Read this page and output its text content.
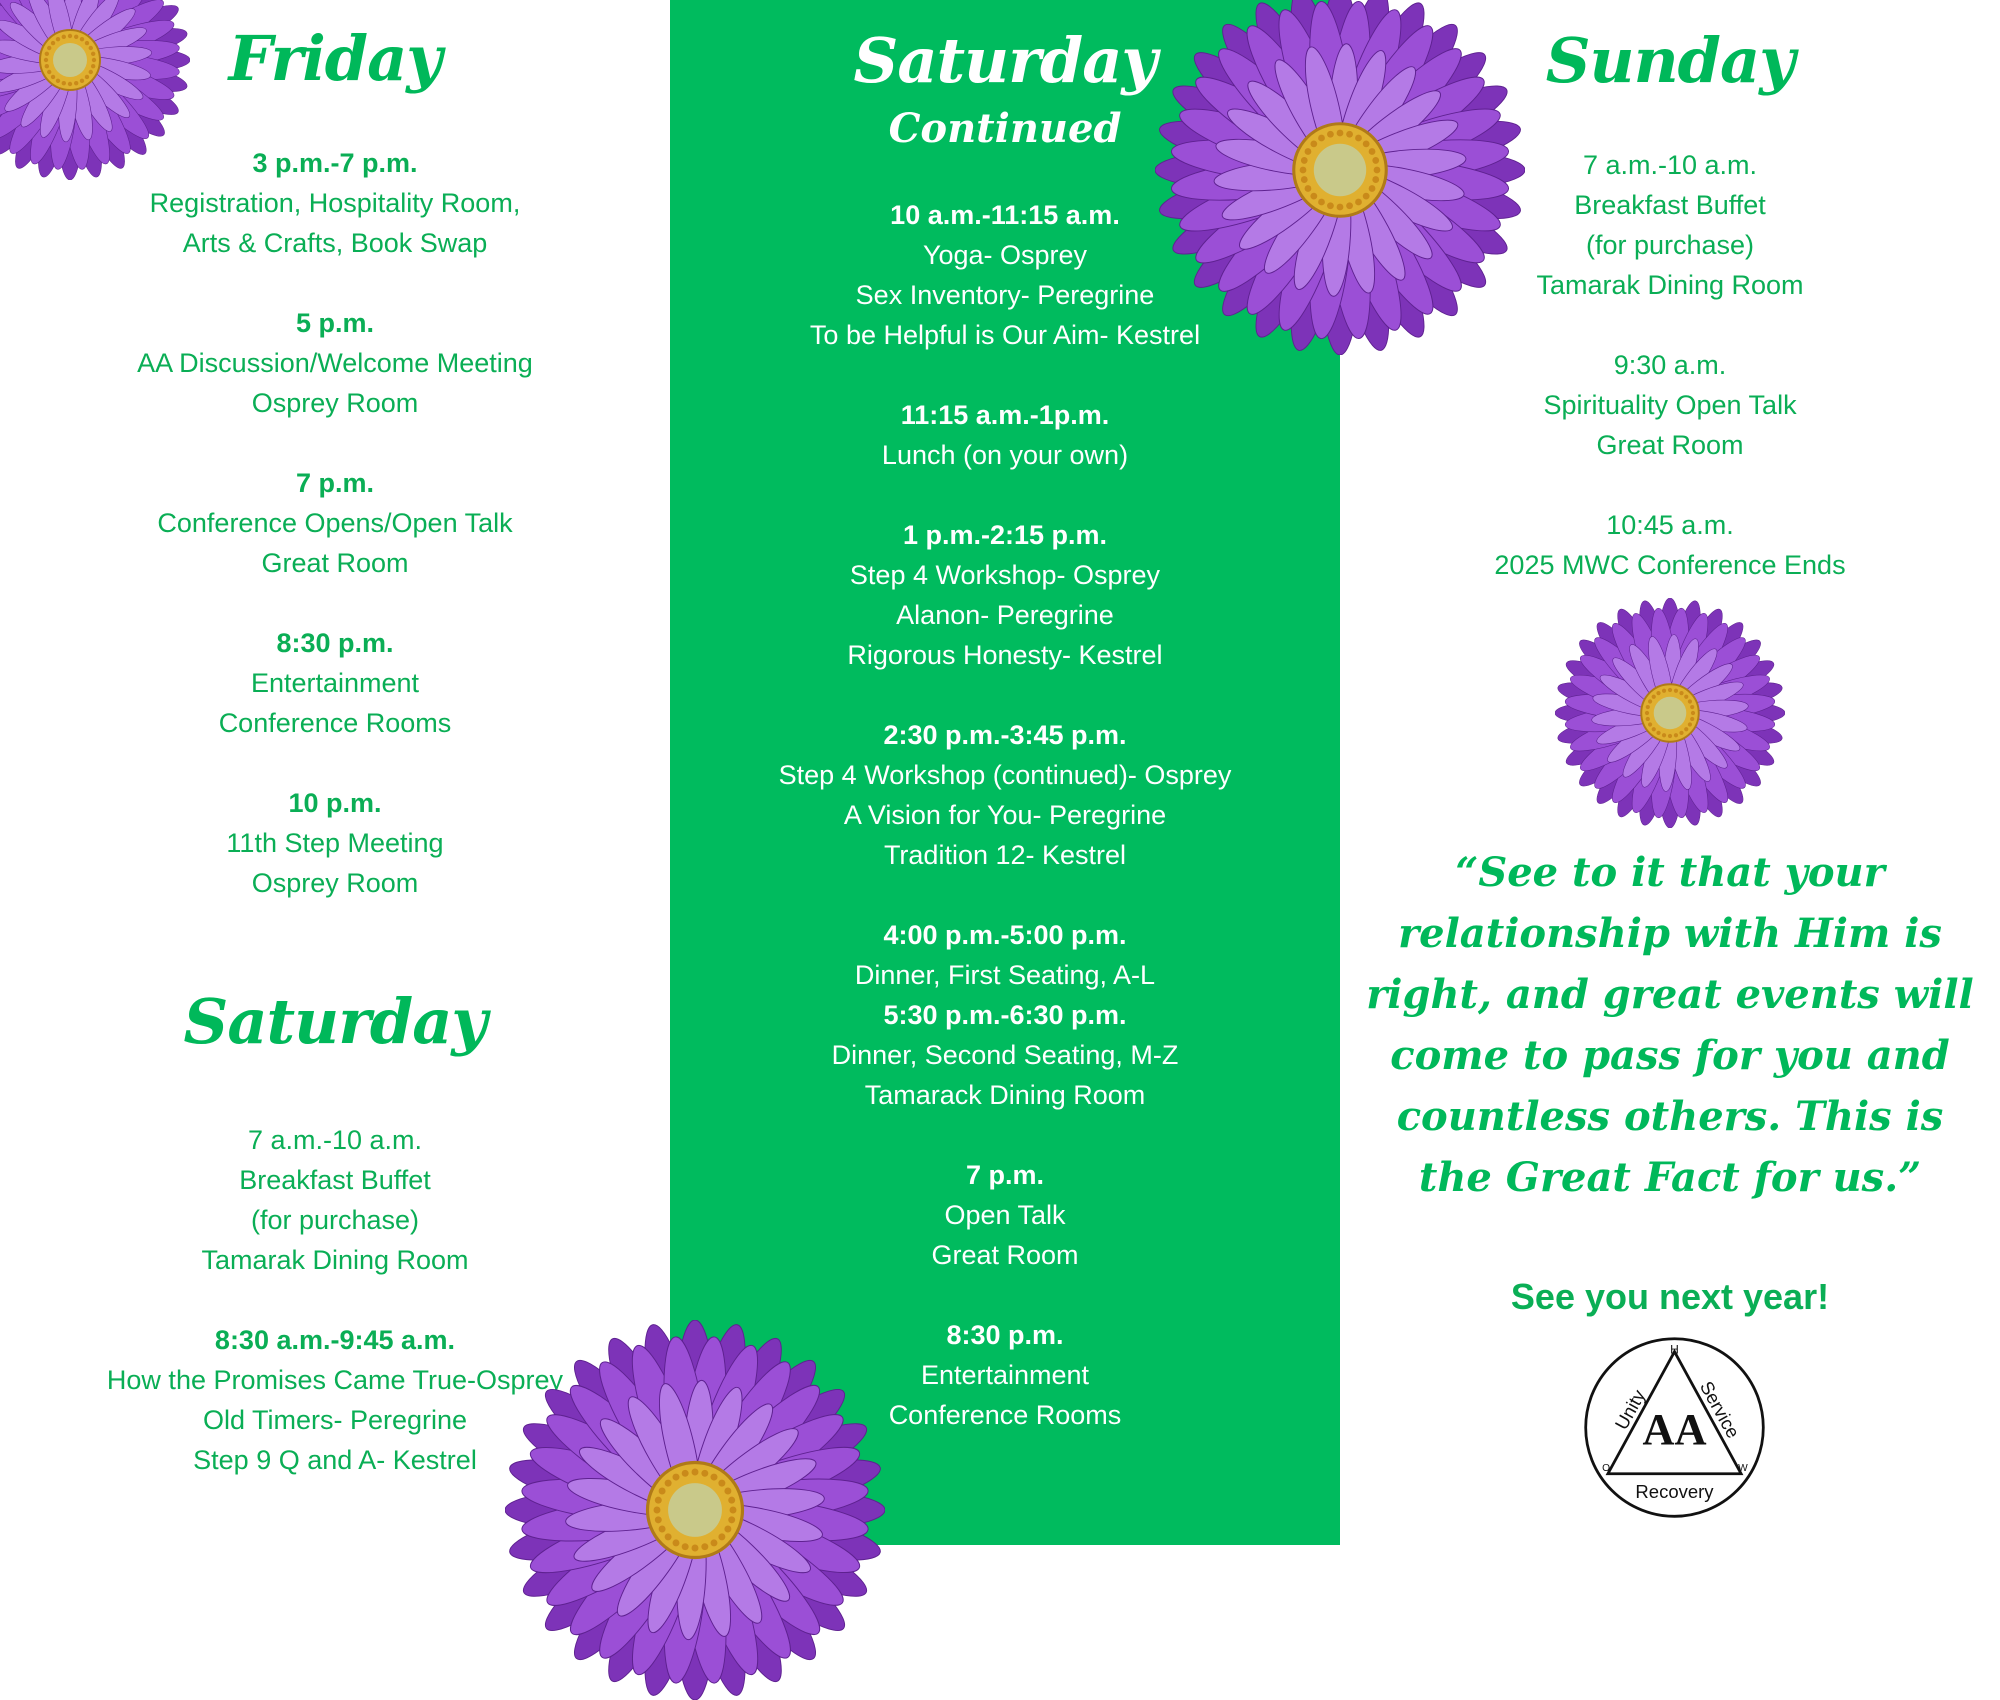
Friday
3 p.m.-7 p.m.
Registration, Hospitality Room,
Arts & Crafts, Book Swap
5 p.m.
AA Discussion/Welcome Meeting
Osprey Room
7 p.m.
Conference Opens/Open Talk
Great Room
8:30 p.m.
Entertainment
Conference Rooms
10 p.m.
11th Step Meeting
Osprey Room
Saturday
7 a.m.-10 a.m.
Breakfast Buffet
(for purchase)
Tamarak Dining Room
8:30 a.m.-9:45 a.m.
How the Promises Came True-Osprey
Old Timers- Peregrine
Step 9 Q and A- Kestrel
Saturday
Continued
10 a.m.-11:15 a.m.
Yoga- Osprey
Sex Inventory- Peregrine
To be Helpful is Our Aim- Kestrel
11:15 a.m.-1p.m.
Lunch (on your own)
1 p.m.-2:15 p.m.
Step 4 Workshop- Osprey
Alanon- Peregrine
Rigorous Honesty- Kestrel
2:30 p.m.-3:45 p.m.
Step 4 Workshop (continued)- Osprey
A Vision for You- Peregrine
Tradition 12- Kestrel
4:00 p.m.-5:00 p.m.
Dinner, First Seating, A-L
5:30 p.m.-6:30 p.m.
Dinner, Second Seating, M-Z
Tamarack Dining Room
7 p.m.
Open Talk
Great Room
8:30 p.m.
Entertainment
Conference Rooms
Sunday
7 a.m.-10 a.m.
Breakfast Buffet
(for purchase)
Tamarak Dining Room
9:30 a.m.
Spirituality Open Talk
Great Room
10:45 a.m.
2025 MWC Conference Ends

“See to it that your relationship with Him is right, and great events will come to pass for you and countless others. This is the Great Fact for us.”

See you next year!
AA
H
O	W
Unity Service
Recovery
